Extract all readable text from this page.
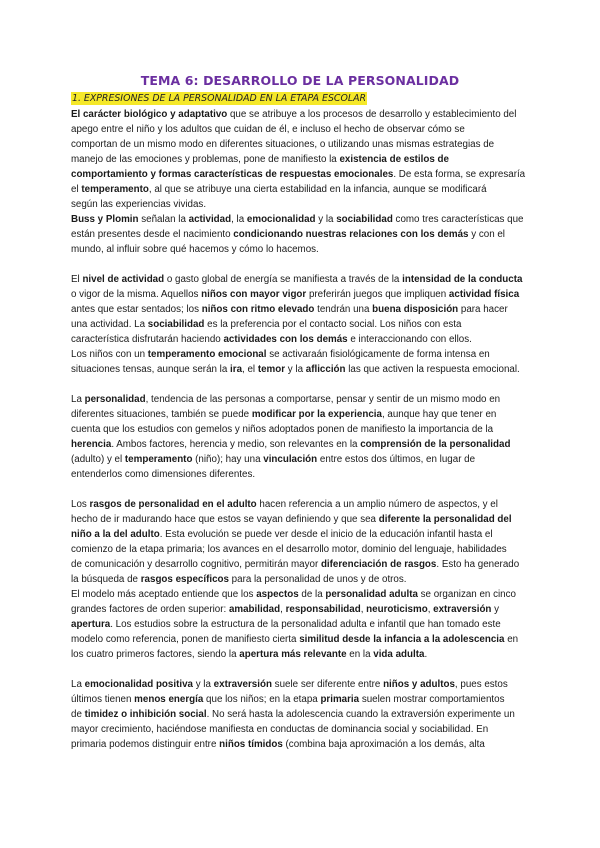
TEMA 6: DESARROLLO DE LA PERSONALIDAD
1. EXPRESIONES DE LA PERSONALIDAD EN LA ETAPA ESCOLAR

El carácter biológico y adaptativo que se atribuye a los procesos de desarrollo y establecimiento del
apego entre el niño y los adultos que cuidan de él, e incluso el hecho de observar cómo se
comportan de un mismo modo en diferentes situaciones, o utilizando unas mismas estrategias de
manejo de las emociones y problemas, pone de manifiesto la existencia de estilos de
comportamiento y formas características de respuestas emocionales. De esta forma, se expresaría
el temperamento, al que se atribuye una cierta estabilidad en la infancia, aunque se modificará
según las experiencias vividas.
Buss y Plomin señalan la actividad, la emocionalidad y la sociabilidad como tres características que
están presentes desde el nacimiento condicionando nuestras relaciones con los demás y con el
mundo, al influir sobre qué hacemos y cómo lo hacemos.

El nivel de actividad o gasto global de energía se manifiesta a través de la intensidad de la conducta
o vigor de la misma. Aquellos niños con mayor vigor preferirán juegos que impliquen actividad física
antes que estar sentados; los niños con ritmo elevado tendrán una buena disposición para hacer
una actividad. La sociabilidad es la preferencia por el contacto social. Los niños con esta
característica disfrutarán haciendo actividades con los demás e interaccionando con ellos.
Los niños con un temperamento emocional se activaraán fisiológicamente de forma intensa en
situaciones tensas, aunque serán la ira, el temor y la aflicción las que activen la respuesta emocional.

La personalidad, tendencia de las personas a comportarse, pensar y sentir de un mismo modo en
diferentes situaciones, también se puede modificar por la experiencia, aunque hay que tener en
cuenta que los estudios con gemelos y niños adoptados ponen de manifiesto la importancia de la
herencia. Ambos factores, herencia y medio, son relevantes en la comprensión de la personalidad
(adulto) y el temperamento (niño); hay una vinculación entre estos dos últimos, en lugar de
entenderlos como dimensiones diferentes.

Los rasgos de personalidad en el adulto hacen referencia a un amplio número de aspectos, y el
hecho de ir madurando hace que estos se vayan definiendo y que sea diferente la personalidad del
niño a la del adulto. Esta evolución se puede ver desde el inicio de la educación infantil hasta el
comienzo de la etapa primaria; los avances en el desarrollo motor, dominio del lenguaje, habilidades
de comunicación y desarrollo cognitivo, permitirán mayor diferenciación de rasgos. Esto ha generado
la búsqueda de rasgos específicos para la personalidad de unos y de otros.
El modelo más aceptado entiende que los aspectos de la personalidad adulta se organizan en cinco
grandes factores de orden superior: amabilidad, responsabilidad, neuroticismo, extraversión y
apertura. Los estudios sobre la estructura de la personalidad adulta e infantil que han tomado este
modelo como referencia, ponen de manifiesto cierta similitud desde la infancia a la adolescencia en
los cuatro primeros factores, siendo la apertura más relevante en la vida adulta.

La emocionalidad positiva y la extraversión suele ser diferente entre niños y adultos, pues estos
últimos tienen menos energía que los niños; en la etapa primaria suelen mostrar comportamientos
de timidez o inhibición social. No será hasta la adolescencia cuando la extraversión experimente un
mayor crecimiento, haciéndose manifiesta en conductas de dominancia social y sociabilidad. En
primaria podemos distinguir entre niños tímidos (combina baja aproximación a los demás, alta
